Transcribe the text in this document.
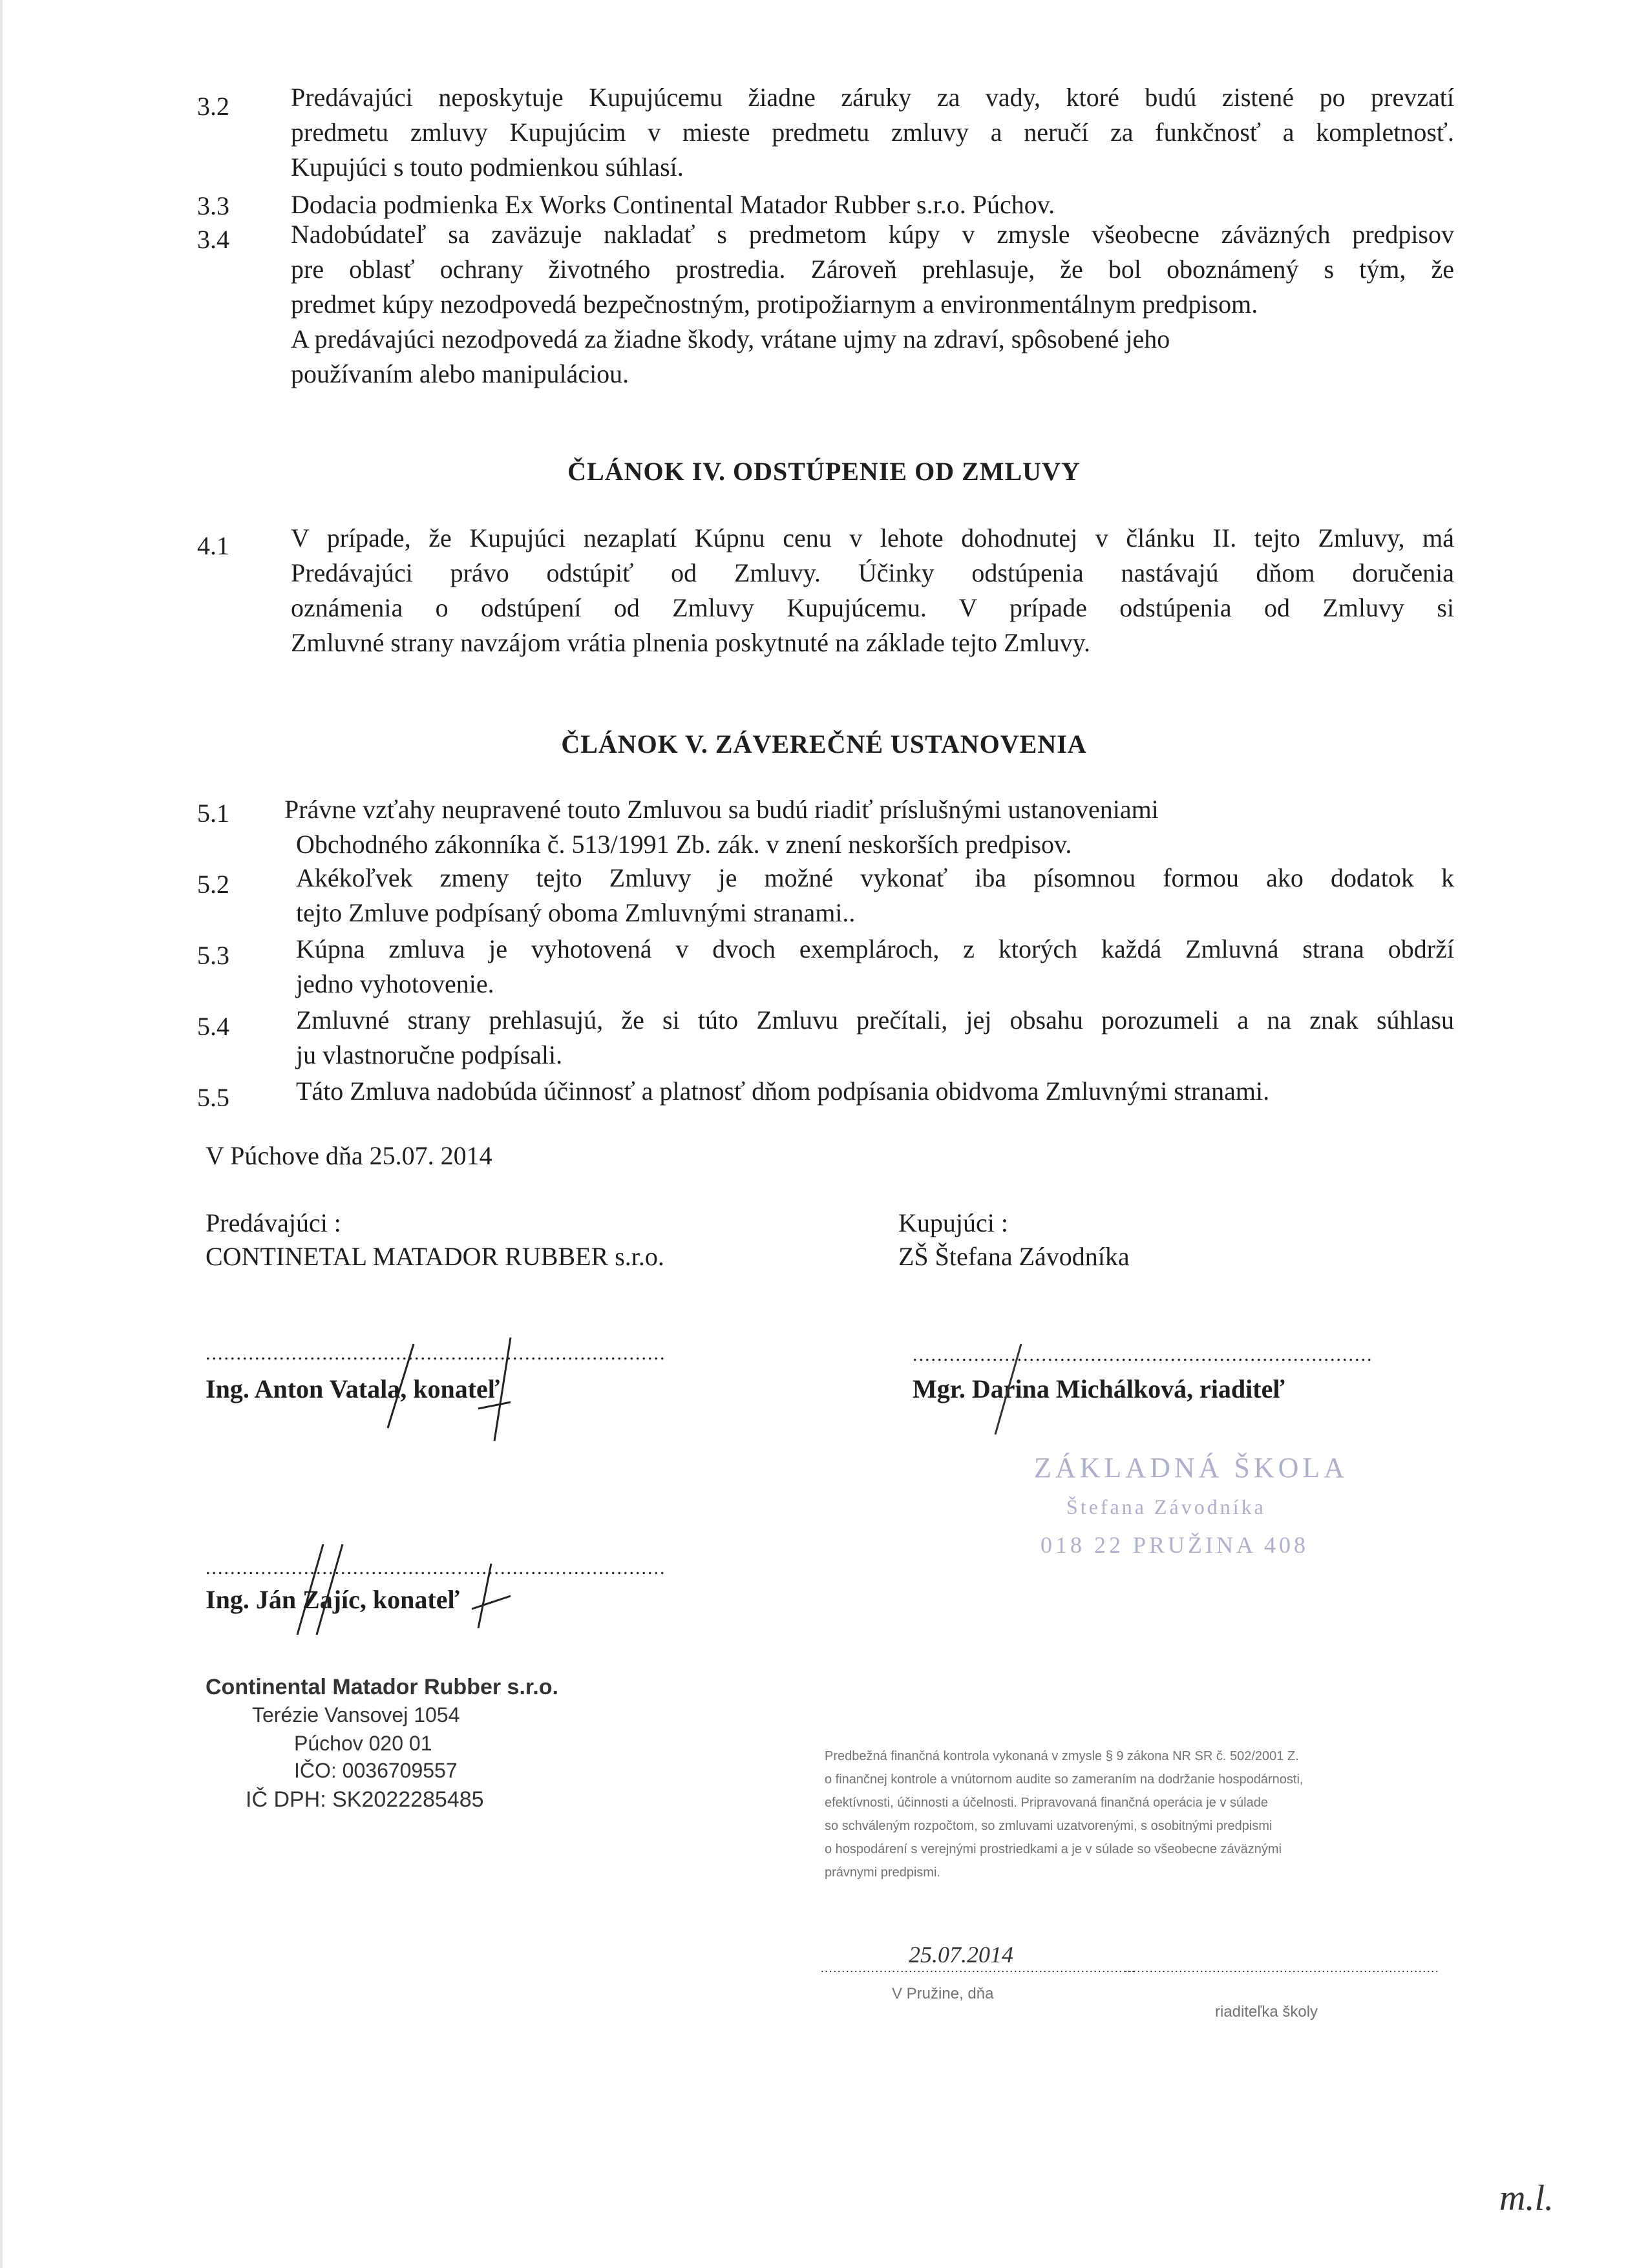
3.2 Predávajúci neposkytuje Kupujúcemu žiadne záruky za vady, ktoré budú zistené po prevzatí
predmetu zmluvy Kupujúcim v mieste predmetu zmluvy a neručí za funkčnosť a kompletnosť.
Kupujúci s touto podmienkou súhlasí.
3.3 Dodacia podmienka Ex Works Continental Matador Rubber s.r.o. Púchov.
3.4 Nadobúdateľ sa zaväzuje nakladať s predmetom kúpy v zmysle všeobecne záväzných predpisov
pre oblasť ochrany životného prostredia. Zároveň prehlasuje, že bol oboznámený s tým, že
predmet kúpy nezodpovedá bezpečnostným, protipožiarnym a environmentálnym predpisom.
A predávajúci nezodpovedá za žiadne škody, vrátane ujmy na zdraví, spôsobené jeho
používaním alebo manipuláciou.
ČLÁNOK IV. ODSTÚPENIE OD ZMLUVY
4.1 V prípade, že Kupujúci nezaplatí Kúpnu cenu v lehote dohodnutej v článku II. tejto Zmluvy, má
Predávajúci právo odstúpiť od Zmluvy. Účinky odstúpenia nastávajú dňom doručenia
oznámenia o odstúpení od Zmluvy Kupujúcemu. V prípade odstúpenia od Zmluvy si
Zmluvné strany navzájom vrátia plnenia poskytnuté na základe tejto Zmluvy.
ČLÁNOK V. ZÁVEREČNÉ USTANOVENIA
5.1 Právne vzťahy neupravené touto Zmluvou sa budú riadiť príslušnými ustanoveniami
Obchodného zákonníka č. 513/1991 Zb. zák. v znení neskorších predpisov.
5.2	Akékoľvek zmeny tejto Zmluvy je možné vykonať iba písomnou formou ako dodatok k
tejto Zmluve podpísaný oboma Zmluvnými stranami..
5.3	Kúpna zmluva je vyhotovená v dvoch exemplároch, z ktorých každá Zmluvná strana obdrží
jedno vyhotovenie.
5.4	Zmluvné strany prehlasujú, že si túto Zmluvu prečítali, jej obsahu porozumeli a na znak súhlasu
ju vlastnoručne podpísali.
5.5	Táto Zmluva nadobúda účinnosť a platnosť dňom podpísania obidvoma Zmluvnými stranami.
V Púchove dňa 25.07. 2014
Predávajúci :
CONTINETAL MATADOR RUBBER s.r.o.
Kupujúci :
ZŠ Štefana Závodníka
...........................................................................
Ing. Anton Vatala, konateľ
...........................................................................
Mgr. Darina Michálková, riaditeľ
...........................................................................
Ing. Ján Zajíc, konateľ
ZÁKLADNÁ ŠKOLA
Štefana Závodníka
018 22 PRUŽINA 408
Continental Matador Rubber s.r.o.
Terézie Vansovej 1054
Púchov 020 01
IČO: 0036709557
IČ DPH: SK2022285485
Predbežná finančná kontrola vykonaná v zmysle § 9 zákona NR SR č. 502/2001 Z.
o finančnej kontrole a vnútornom audite so zameraním na dodržanie hospodárnosti,
efektívnosti, účinnosti a účelnosti. Pripravovaná finančná operácia je v súlade
so schváleným rozpočtom, so zmluvami uzatvorenými, s osobitnými predpismi
o hospodárení s verejnými prostriedkami a je v súlade so všeobecne záväznými
právnymi predpismi.
25.07.2014
...........................................................................
...........................................................................
V Pružine, dňa
riaditeľka školy
m.l.
